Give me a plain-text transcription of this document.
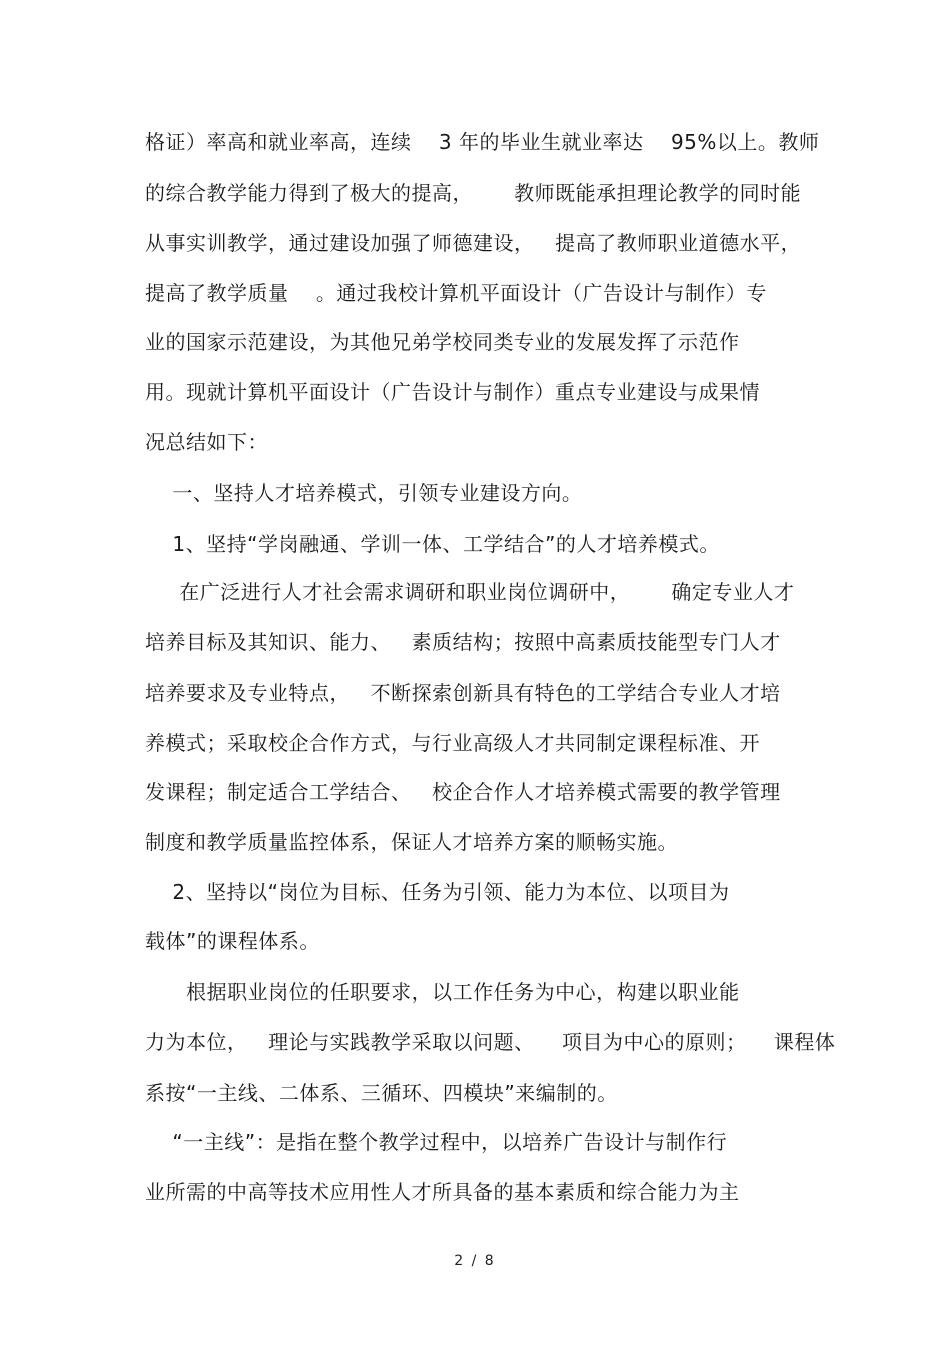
格证）率高和就业率高，连续    3 年的毕业生就业率达    95%以上。教师
的综合教学能力得到了极大的提高，      教师既能承担理论教学的同时能
从事实训教学，通过建设加强了师德建设，   提高了教师职业道德水平，
提高了教学质量    。通过我校计算机平面设计（广告设计与制作）专
业的国家示范建设，为其他兄弟学校同类专业的发展发挥了示范作
用。现就计算机平面设计（广告设计与制作）重点专业建设与成果情
况总结如下：
一、坚持人才培养模式，引领专业建设方向。
1、坚持“学岗融通、学训一体、工学结合”的人才培养模式。
在广泛进行人才社会需求调研和职业岗位调研中，      确定专业人才
培养目标及其知识、能力、   素质结构；按照中高素质技能型专门人才
培养要求及专业特点，   不断探索创新具有特色的工学结合专业人才培
养模式；采取校企合作方式，与行业高级人才共同制定课程标准、开
发课程；制定适合工学结合、   校企合作人才培养模式需要的教学管理
制度和教学质量监控体系，保证人才培养方案的顺畅实施。
2、坚持以“岗位为目标、任务为引领、能力为本位、以项目为
载体”的课程体系。
根据职业岗位的任职要求，以工作任务为中心，构建以职业能
力为本位，   理论与实践教学采取以问题、    项目为中心的原则；    课程体
系按“一主线、二体系、三循环、四模块”来编制的。
“一主线”：是指在整个教学过程中，以培养广告设计与制作行
业所需的中高等技术应用性人才所具备的基本素质和综合能力为主
2 / 8
